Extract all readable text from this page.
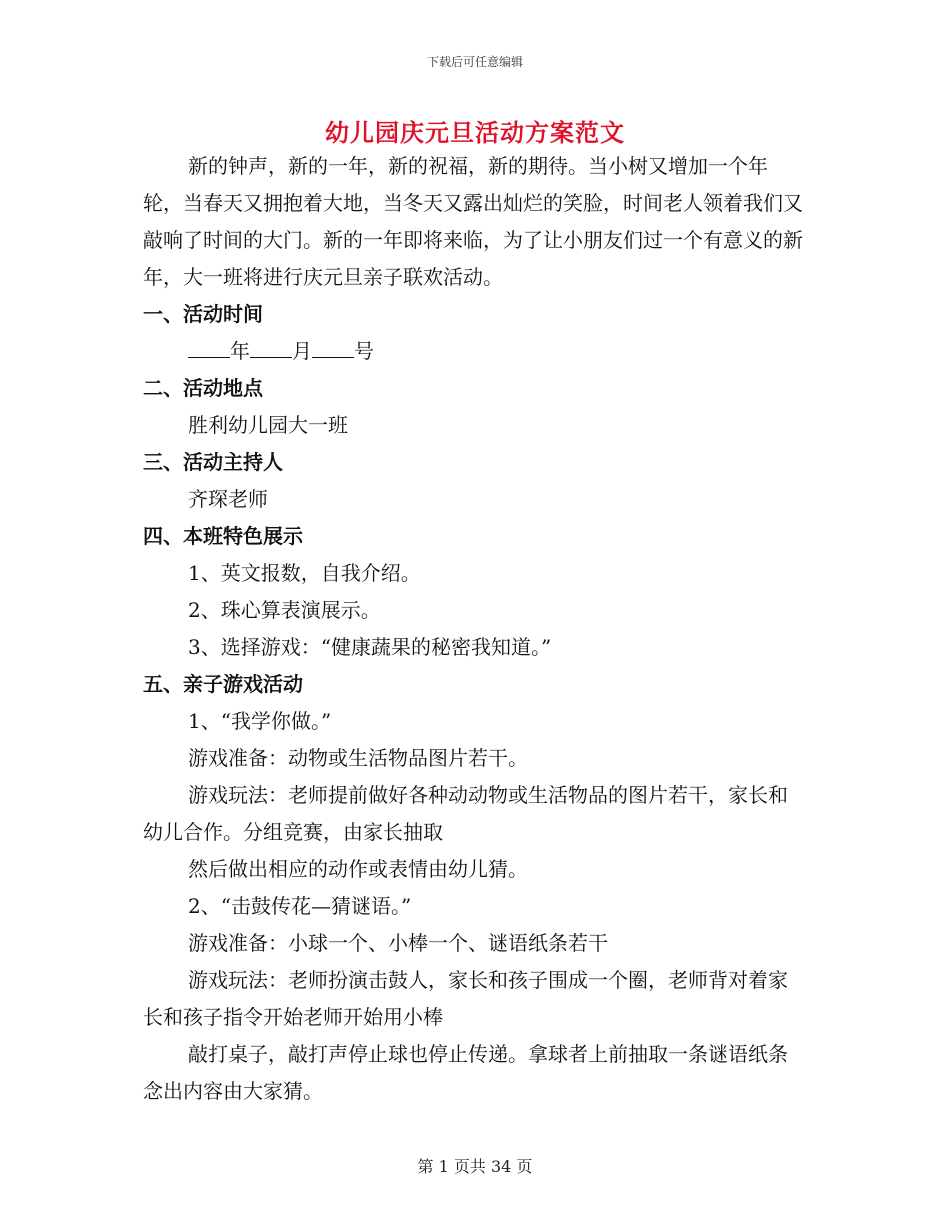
下载后可任意编辑
幼儿园庆元旦活动方案范文

新的钟声，新的一年，新的祝福，新的期待。当小树又增加一个年轮，当春天又拥抱着大地，当冬天又露出灿烂的笑脸，时间老人领着我们又敲响了时间的大门。新的一年即将来临，为了让小朋友们过一个有意义的新年，大一班将进行庆元旦亲子联欢活动。

一、活动时间

年 月 号

二、活动地点

胜利幼儿园大一班

三、活动主持人

齐琛老师

四、本班特色展示

1、英文报数，自我介绍。

2、珠心算表演展示。

3、选择游戏：“健康蔬果的秘密我知道。”

五、亲子游戏活动

1、“我学你做。”

游戏准备：动物或生活物品图片若干。

游戏玩法：老师提前做好各种动动物或生活物品的图片若干，家长和幼儿合作。分组竞赛，由家长抽取

然后做出相应的动作或表情由幼儿猜。

2、“击鼓传花—猜谜语。”

游戏准备：小球一个、小棒一个、谜语纸条若干

游戏玩法：老师扮演击鼓人，家长和孩子围成一个圈，老师背对着家长和孩子指令开始老师开始用小棒

敲打桌子，敲打声停止球也停止传递。拿球者上前抽取一条谜语纸条念出内容由大家猜。

第 1 页共 34 页
